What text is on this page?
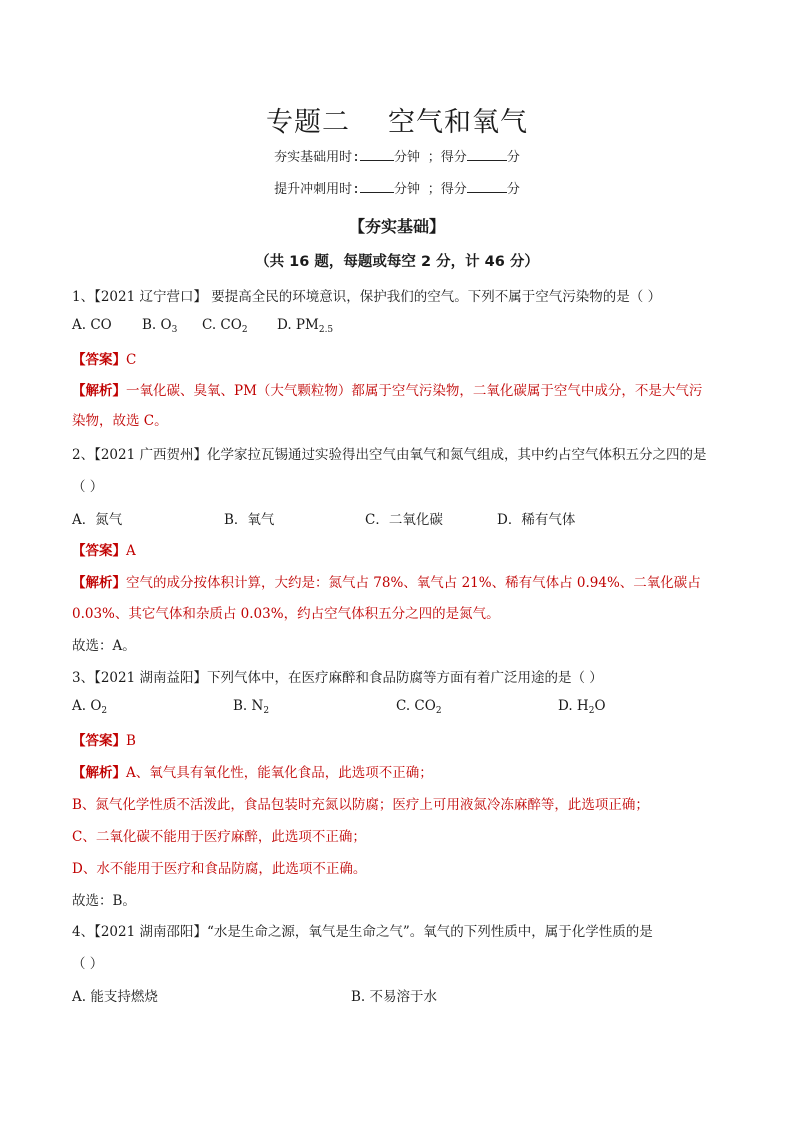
专题二 空气和氧气
夯实基础用时:	分钟 ；得分	分
提升冲刺用时:	分钟 ；得分	分
【夯实基础】
（共 16 题，每题或每空 2 分，计 46 分）
1、【2021 辽宁营口】 要提高全民的环境意识，保护我们的空气。下列不属于空气污染物的是（ ）
A. CO B. $O_3$ C. $CO_2$ D. $PM_{2.5}$
【答案】C
【解析】一氧化碳、臭氧、PM（大气颗粒物）都属于空气污染物，二氧化碳属于空气中成分，不是大气污
染物，故选 C。
2、【2021 广西贺州】化学家拉瓦锡通过实验得出空气由氧气和氮气组成，其中约占空气体积五分之四的是
（ ）
A．氮气	B．氧气	C．二氧化碳	D．稀有气体
【答案】A
【解析】空气的成分按体积计算，大约是：氮气占 78%、氧气占 21%、稀有气体占 0.94%、二氧化碳占
0.03%、其它气体和杂质占 0.03%，约占空气体积五分之四的是氮气。
故选：A。
3、【2021 湖南益阳】下列气体中，在医疗麻醉和食品防腐等方面有着广泛用途的是（ ）
A. $O_2$	B. $N_2$	C. $CO_2$	D. $H_2O$
【答案】B
【解析】A、氧气具有氧化性，能氧化食品，此选项不正确；
B、氮气化学性质不活泼此，食品包装时充氮以防腐；医疗上可用液氮冷冻麻醉等，此选项正确；
C、二氧化碳不能用于医疗麻醉，此选项不正确；
D、水不能用于医疗和食品防腐，此选项不正确。
故选：B。
4、【2021 湖南邵阳】“水是生命之源，氧气是生命之气”。氧气的下列性质中，属于化学性质的是
（ ）
A. 能支持燃烧	B. 不易溶于水
